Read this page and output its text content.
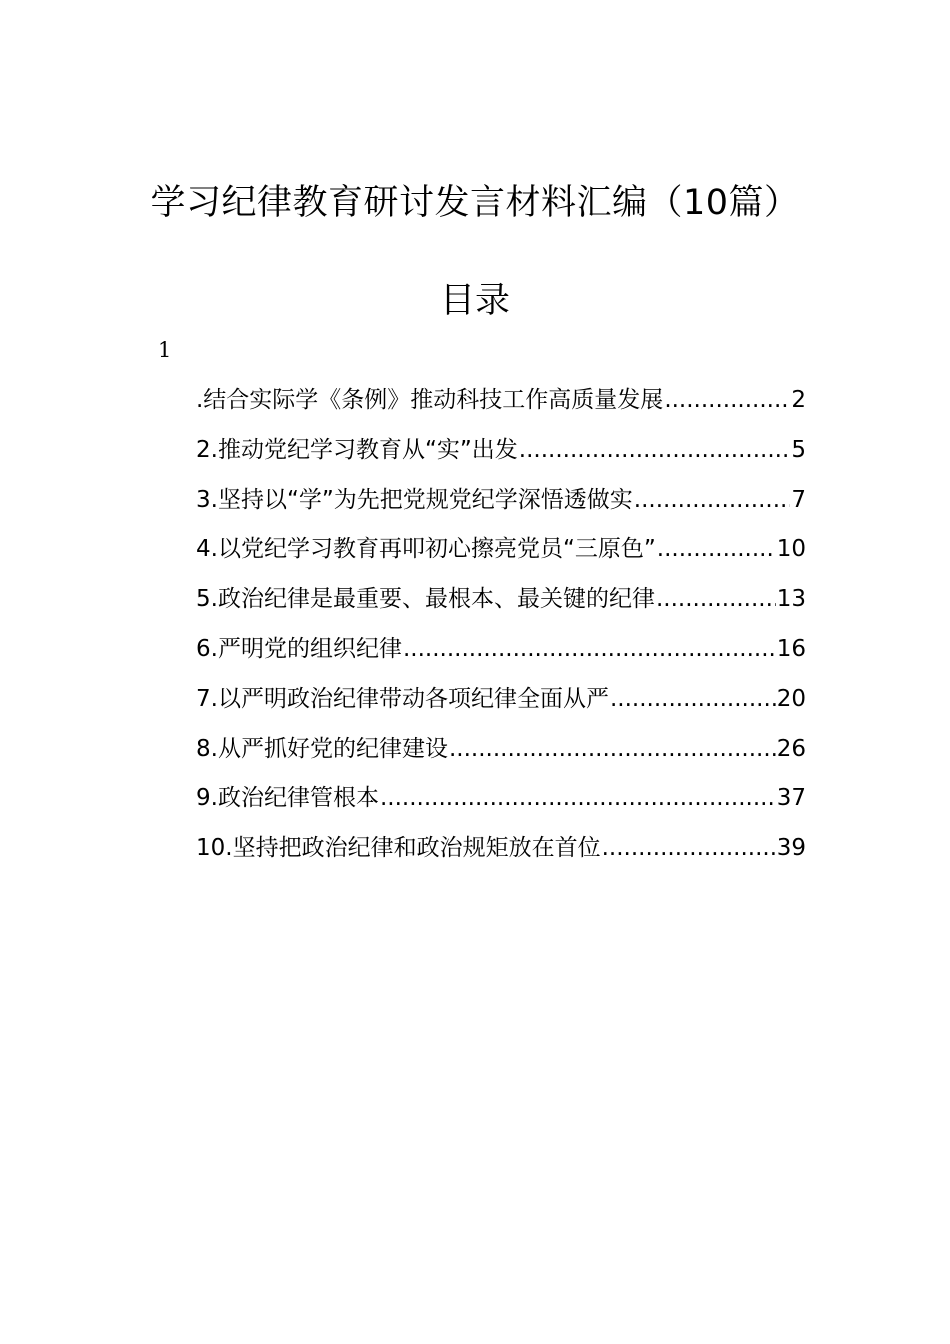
学习纪律教育研讨发言材料汇编（10篇）
目录
1
.结合实际学《条例》推动科技工作高质量发展 .....	2
2.推动党纪学习教育从“实”出发 .....	5
3.坚持以“学”为先把党规党纪学深悟透做实 .....	7
4.以党纪学习教育再叩初心擦亮党员“三原色” .....	10
5.政治纪律是最重要、最根本、最关键的纪律 .....	13
6.严明党的组织纪律 .....	16
7.以严明政治纪律带动各项纪律全面从严 .....	20
8.从严抓好党的纪律建设 .....	26
9.政治纪律管根本 .....	37
10.坚持把政治纪律和政治规矩放在首位 .....	39
